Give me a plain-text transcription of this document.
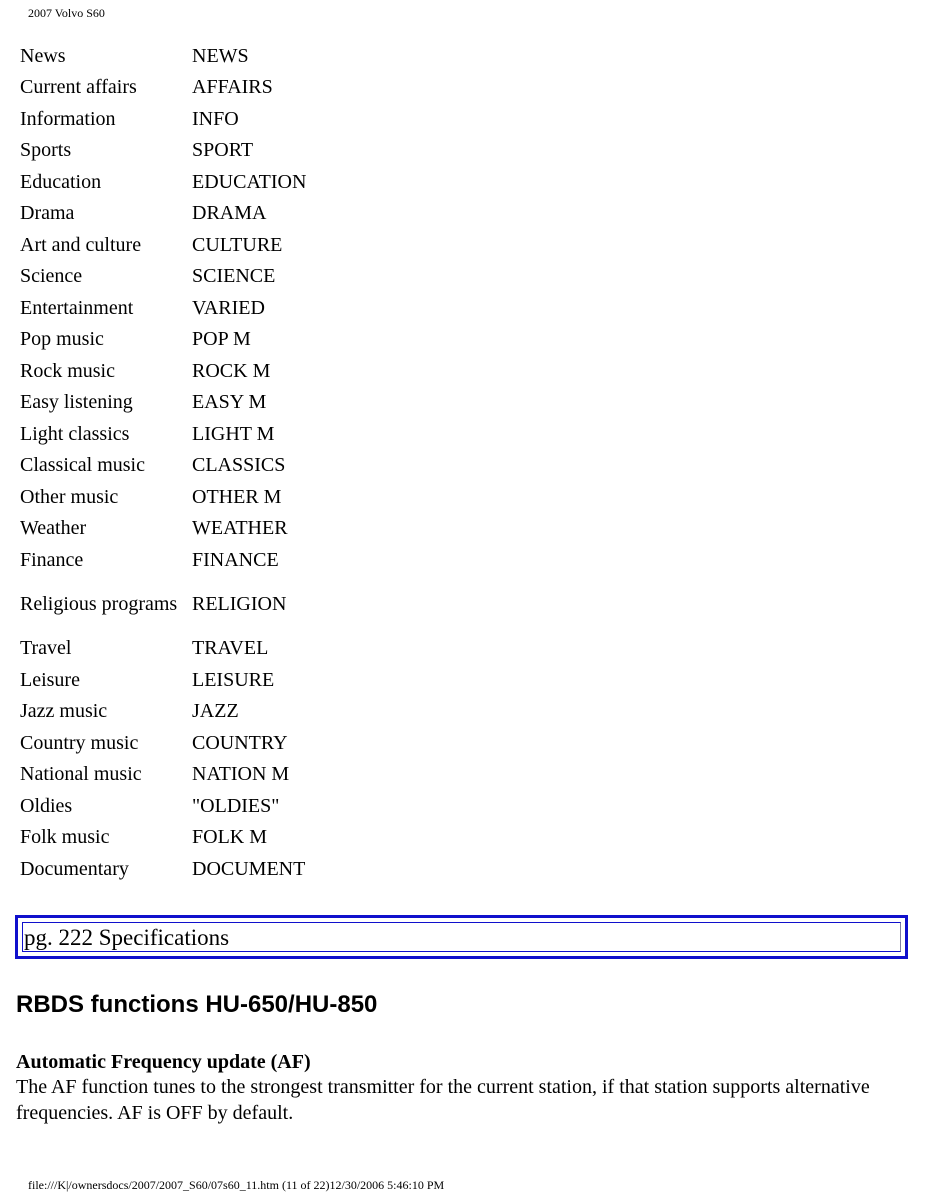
2007 Volvo S60
News	NEWS
Current affairs	AFFAIRS
Information	INFO
Sports	SPORT
Education	EDUCATION
Drama	DRAMA
Art and culture	CULTURE
Science	SCIENCE
Entertainment	VARIED
Pop music	POP M
Rock music	ROCK M
Easy listening	EASY M
Light classics	LIGHT M
Classical music	CLASSICS
Other music	OTHER M
Weather	WEATHER
Finance	FINANCE
Religious programs	RELIGION
Travel	TRAVEL
Leisure	LEISURE
Jazz music	JAZZ
Country music	COUNTRY
National music	NATION M
Oldies	"OLDIES"
Folk music	FOLK M
Documentary	DOCUMENT
pg. 222 Specifications
RBDS functions HU-650/HU-850
Automatic Frequency update (AF)

The AF function tunes to the strongest transmitter for the current station, if that station supports alternative frequencies. AF is OFF by default.

file:///K|/ownersdocs/2007/2007_S60/07s60_11.htm (11 of 22)12/30/2006 5:46:10 PM
